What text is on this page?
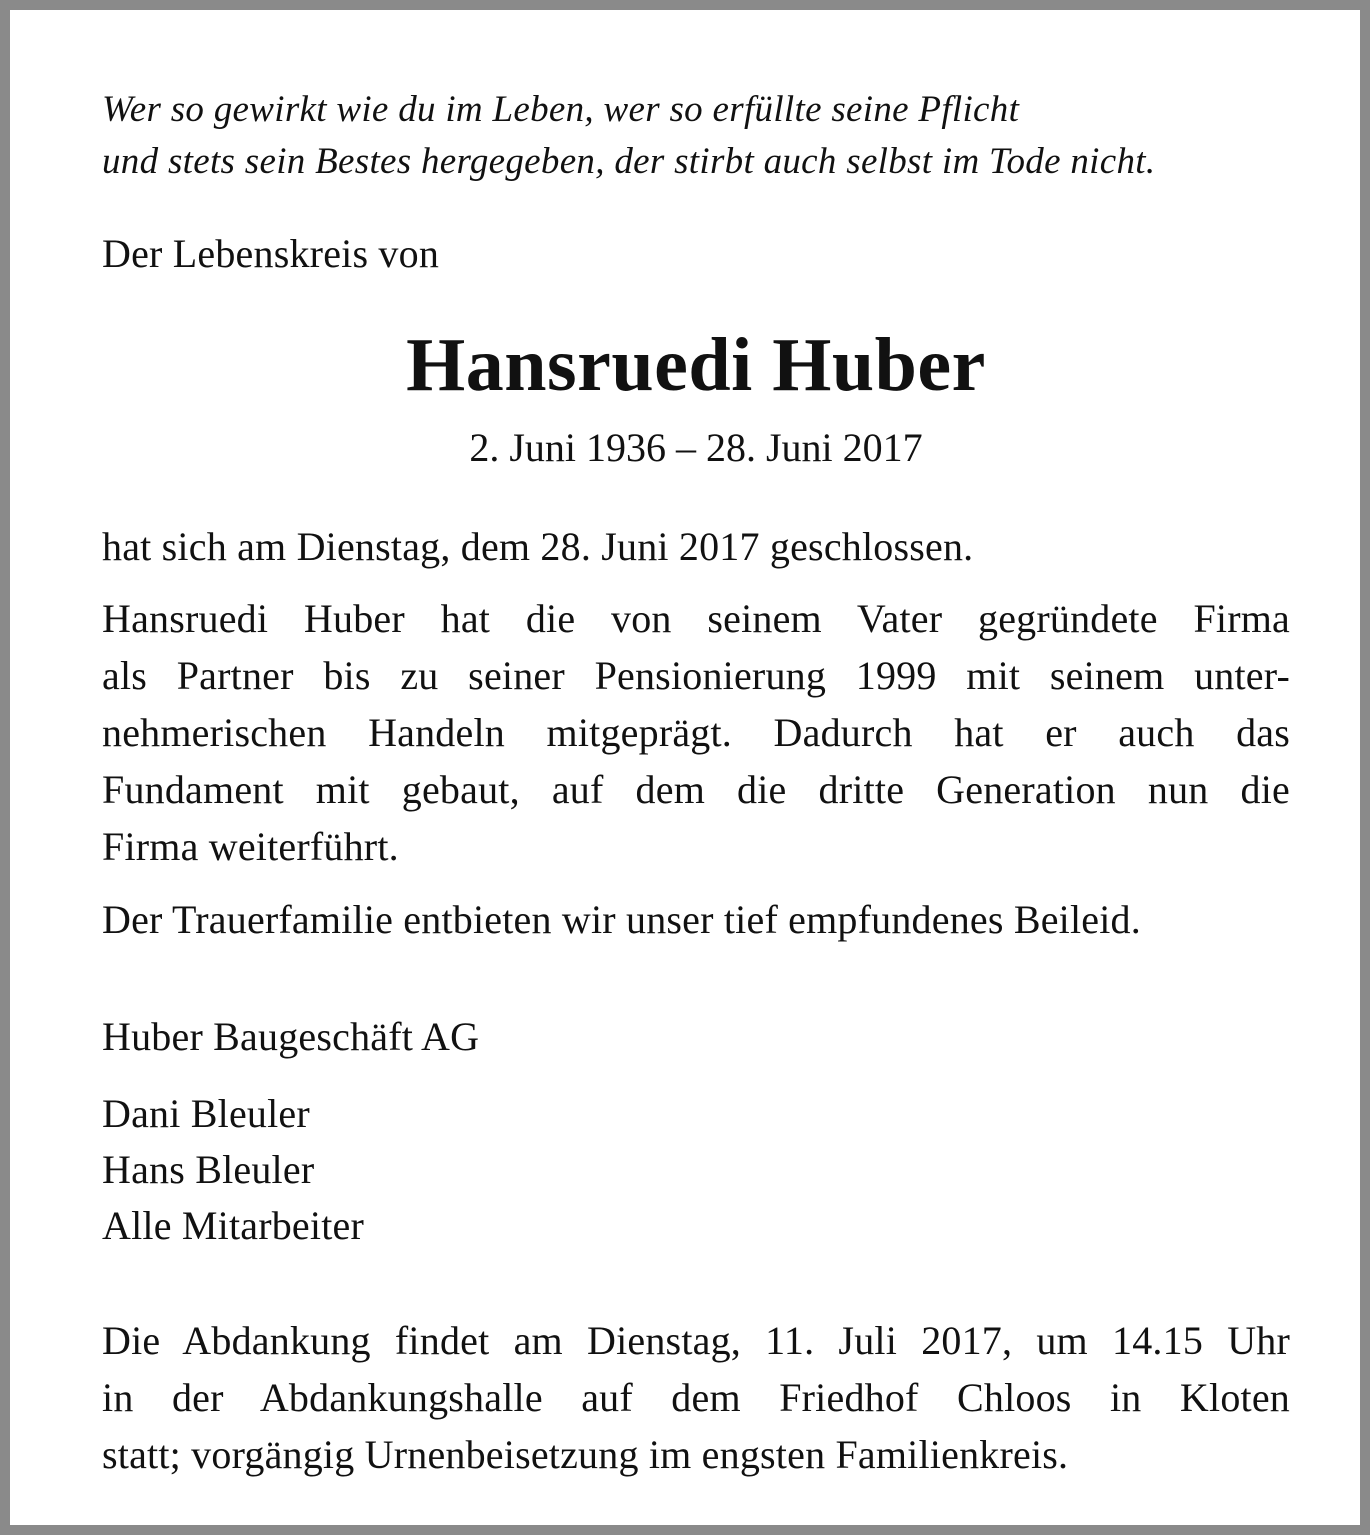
Wer so gewirkt wie du im Leben, wer so erfüllte seine Pflicht
und stets sein Bestes hergegeben, der stirbt auch selbst im Tode nicht.
Der Lebenskreis von
Hansruedi Huber
2. Juni 1936 – 28. Juni 2017
hat sich am Dienstag, dem 28. Juni 2017 geschlossen.
Hansruedi Huber hat die von seinem Vater gegründete Firma
als Partner bis zu seiner Pensionierung 1999 mit seinem unter-
nehmerischen Handeln mitgeprägt. Dadurch hat er auch das
Fundament mit gebaut, auf dem die dritte Generation nun die
Firma weiterführt.
Der Trauerfamilie entbieten wir unser tief empfundenes Beileid.
Huber Baugeschäft AG
Dani Bleuler
Hans Bleuler
Alle Mitarbeiter
Die Abdankung findet am Dienstag, 11. Juli 2017, um 14.15 Uhr
in der Abdankungshalle auf dem Friedhof Chloos in Kloten
statt; vorgängig Urnenbeisetzung im engsten Familienkreis.
